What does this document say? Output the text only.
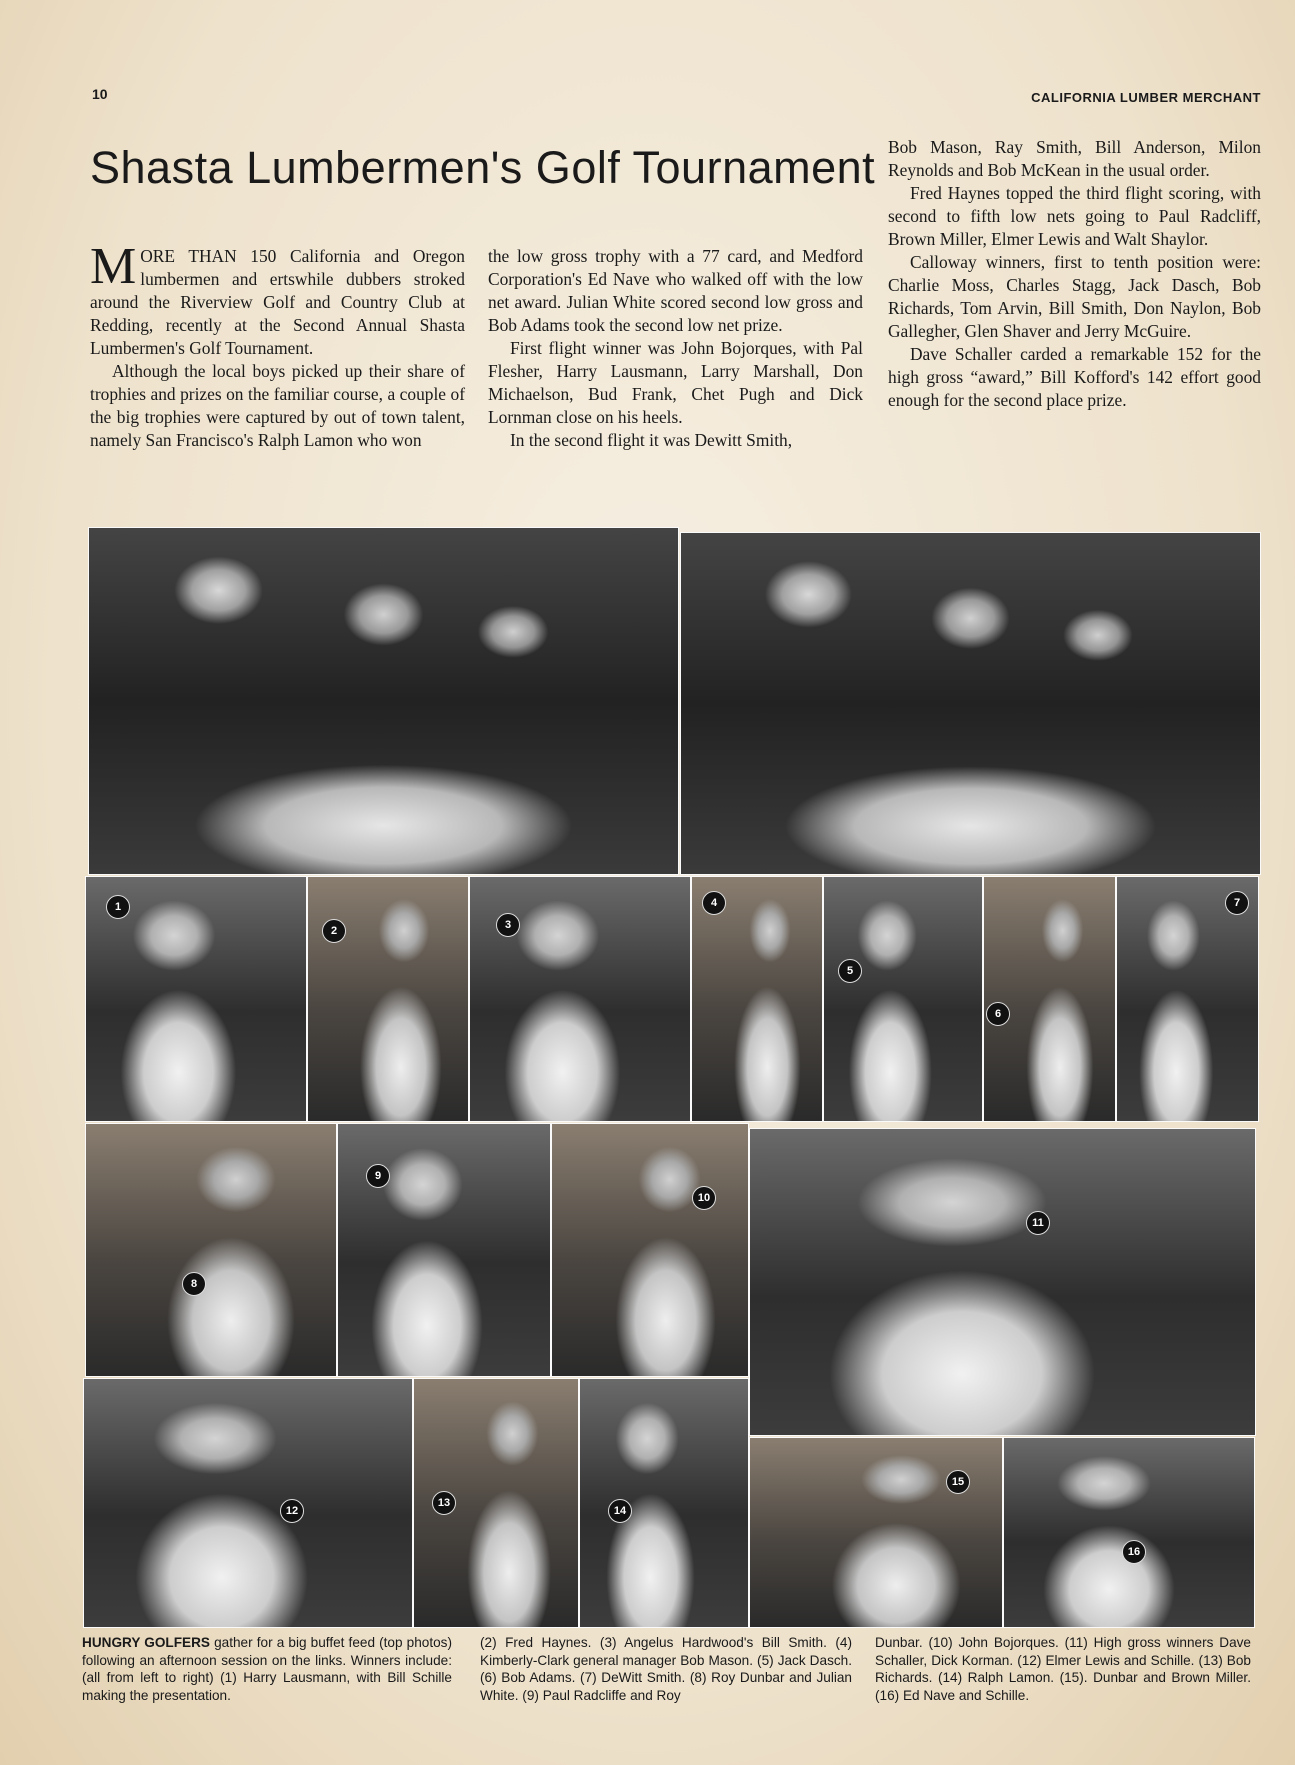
10	CALIFORNIA LUMBER MERCHANT
Shasta Lumbermen's Golf Tournament

MORE THAN 150 California and Oregon lumbermen and ertswhile dubbers stroked around the Riverview Golf and Country Club at Redding, recently at the Second Annual Shasta Lumbermen's Golf Tournament.

Although the local boys picked up their share of trophies and prizes on the familiar course, a couple of the big trophies were captured by out of town talent, namely San Francisco's Ralph Lamon who won

the low gross trophy with a 77 card, and Medford Corporation's Ed Nave who walked off with the low net award. Julian White scored second low gross and Bob Adams took the second low net prize.

First flight winner was John Bojorques, with Pal Flesher, Harry Lausmann, Larry Marshall, Don Michaelson, Bud Frank, Chet Pugh and Dick Lornman close on his heels.

In the second flight it was Dewitt Smith,

Bob Mason, Ray Smith, Bill Anderson, Milon Reynolds and Bob McKean in the usual order.

Fred Haynes topped the third flight scoring, with second to fifth low nets going to Paul Radcliff, Brown Miller, Elmer Lewis and Walt Shaylor.

Calloway winners, first to tenth position were: Charlie Moss, Charles Stagg, Jack Dasch, Bob Richards, Tom Arvin, Bill Smith, Don Naylon, Bob Gallegher, Glen Shaver and Jerry McGuire.

Dave Schaller carded a remarkable 152 for the high gross “award,” Bill Kofford's 142 effort good enough for the second place prize.

1
2	3
4
5
6
7
8
9
10
11
12
13
14
15
16
HUNGRY GOLFERS gather for a big buffet feed (top photos) following an afternoon session on the links. Winners include: (all from left to right) (1) Harry Lausmann, with Bill Schille making the presentation.
(2) Fred Haynes. (3) Angelus Hardwood's Bill Smith. (4) Kimberly-Clark general manager Bob Mason. (5) Jack Dasch. (6) Bob Adams. (7) DeWitt Smith. (8) Roy Dunbar and Julian White. (9) Paul Radcliffe and Roy
Dunbar. (10) John Bojorques. (11) High gross winners Dave Schaller, Dick Korman. (12) Elmer Lewis and Schille. (13) Bob Richards. (14) Ralph Lamon. (15). Dunbar and Brown Miller. (16) Ed Nave and Schille.
